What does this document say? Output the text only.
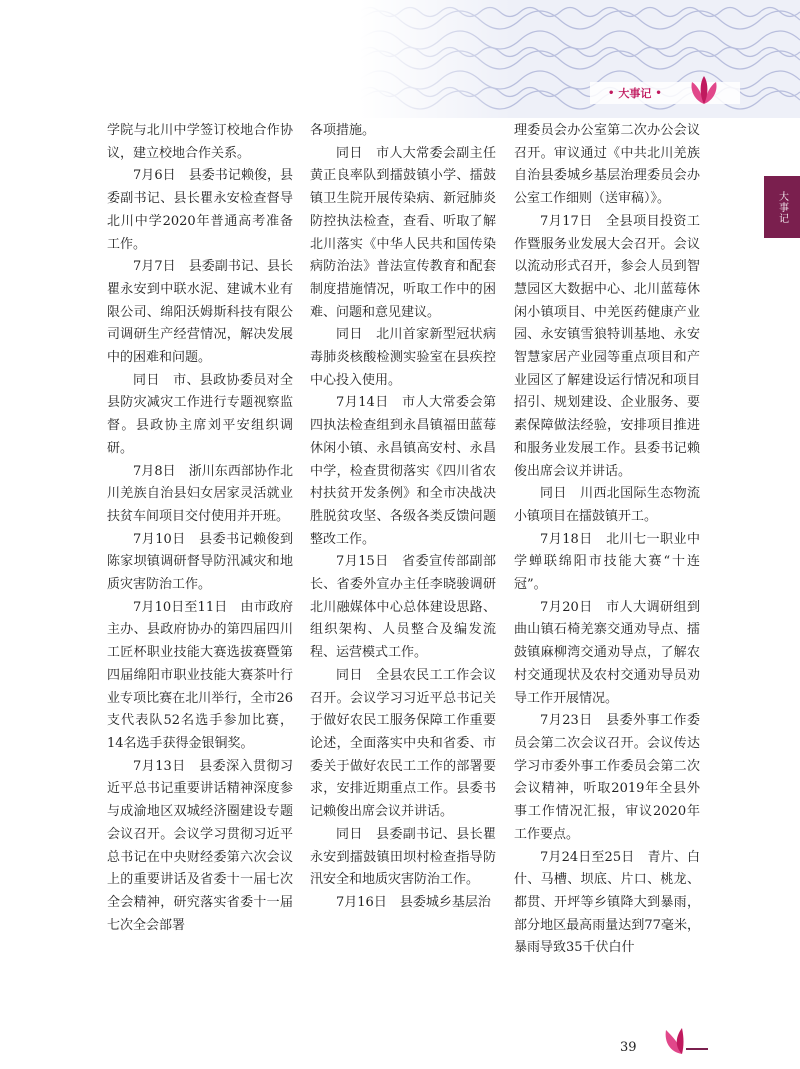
• 大事记 •
大事记

学院与北川中学签订校地合作协议，建立校地合作关系。

7月6日　县委书记赖俊，县委副书记、县长瞿永安检查督导北川中学2020年普通高考准备工作。

7月7日　县委副书记、县长瞿永安到中联水泥、建诚木业有限公司、绵阳沃姆斯科技有限公司调研生产经营情况，解决发展中的困难和问题。

同日　市、县政协委员对全县防灾减灾工作进行专题视察监督。县政协主席刘平安组织调研。

7月8日　浙川东西部协作北川羌族自治县妇女居家灵活就业扶贫车间项目交付使用并开班。

7月10日　县委书记赖俊到陈家坝镇调研督导防汛减灾和地质灾害防治工作。

7月10日至11日　由市政府主办、县政府协办的第四届四川工匠杯职业技能大赛选拔赛暨第四届绵阳市职业技能大赛茶叶行业专项比赛在北川举行，全市26支代表队52名选手参加比赛，14名选手获得金银铜奖。

7月13日　县委深入贯彻习近平总书记重要讲话精神深度参与成渝地区双城经济圈建设专题会议召开。会议学习贯彻习近平总书记在中央财经委第六次会议上的重要讲话及省委十一届七次全会精神，研究落实省委十一届七次全会部署

各项措施。

同日　市人大常委会副主任黄正良率队到擂鼓镇小学、擂鼓镇卫生院开展传染病、新冠肺炎防控执法检查，查看、听取了解北川落实《中华人民共和国传染病防治法》普法宣传教育和配套制度措施情况，听取工作中的困难、问题和意见建议。

同日　北川首家新型冠状病毒肺炎核酸检测实验室在县疾控中心投入使用。

7月14日　市人大常委会第四执法检查组到永昌镇福田蓝莓休闲小镇、永昌镇高安村、永昌中学，检查贯彻落实《四川省农村扶贫开发条例》和全市决战决胜脱贫攻坚、各级各类反馈问题整改工作。

7月15日　省委宣传部副部长、省委外宣办主任李晓骏调研北川融媒体中心总体建设思路、组织架构、人员整合及编发流程、运营模式工作。

同日　全县农民工工作会议召开。会议学习习近平总书记关于做好农民工服务保障工作重要论述，全面落实中央和省委、市委关于做好农民工工作的部署要求，安排近期重点工作。县委书记赖俊出席会议并讲话。

同日　县委副书记、县长瞿永安到擂鼓镇田坝村检查指导防汛安全和地质灾害防治工作。

7月16日　县委城乡基层治

理委员会办公室第二次办公会议召开。审议通过《中共北川羌族自治县委城乡基层治理委员会办公室工作细则（送审稿）》。

7月17日　全县项目投资工作暨服务业发展大会召开。会议以流动形式召开，参会人员到智慧园区大数据中心、北川蓝莓休闲小镇项目、中羌医药健康产业园、永安镇雪狼特训基地、永安智慧家居产业园等重点项目和产业园区了解建设运行情况和项目招引、规划建设、企业服务、要素保障做法经验，安排项目推进和服务业发展工作。县委书记赖俊出席会议并讲话。

同日　川西北国际生态物流小镇项目在擂鼓镇开工。

7月18日　北川七一职业中学蝉联绵阳市技能大赛“十连冠”。

7月20日　市人大调研组到曲山镇石椅羌寨交通劝导点、擂鼓镇麻柳湾交通劝导点，了解农村交通现状及农村交通劝导员劝导工作开展情况。

7月23日　县委外事工作委员会第二次会议召开。会议传达学习市委外事工作委员会第二次会议精神，听取2019年全县外事工作情况汇报，审议2020年工作要点。

7月24日至25日　青片、白什、马槽、坝底、片口、桃龙、都贯、开坪等乡镇降大到暴雨，部分地区最高雨量达到77毫米，暴雨导致35千伏白什

39
